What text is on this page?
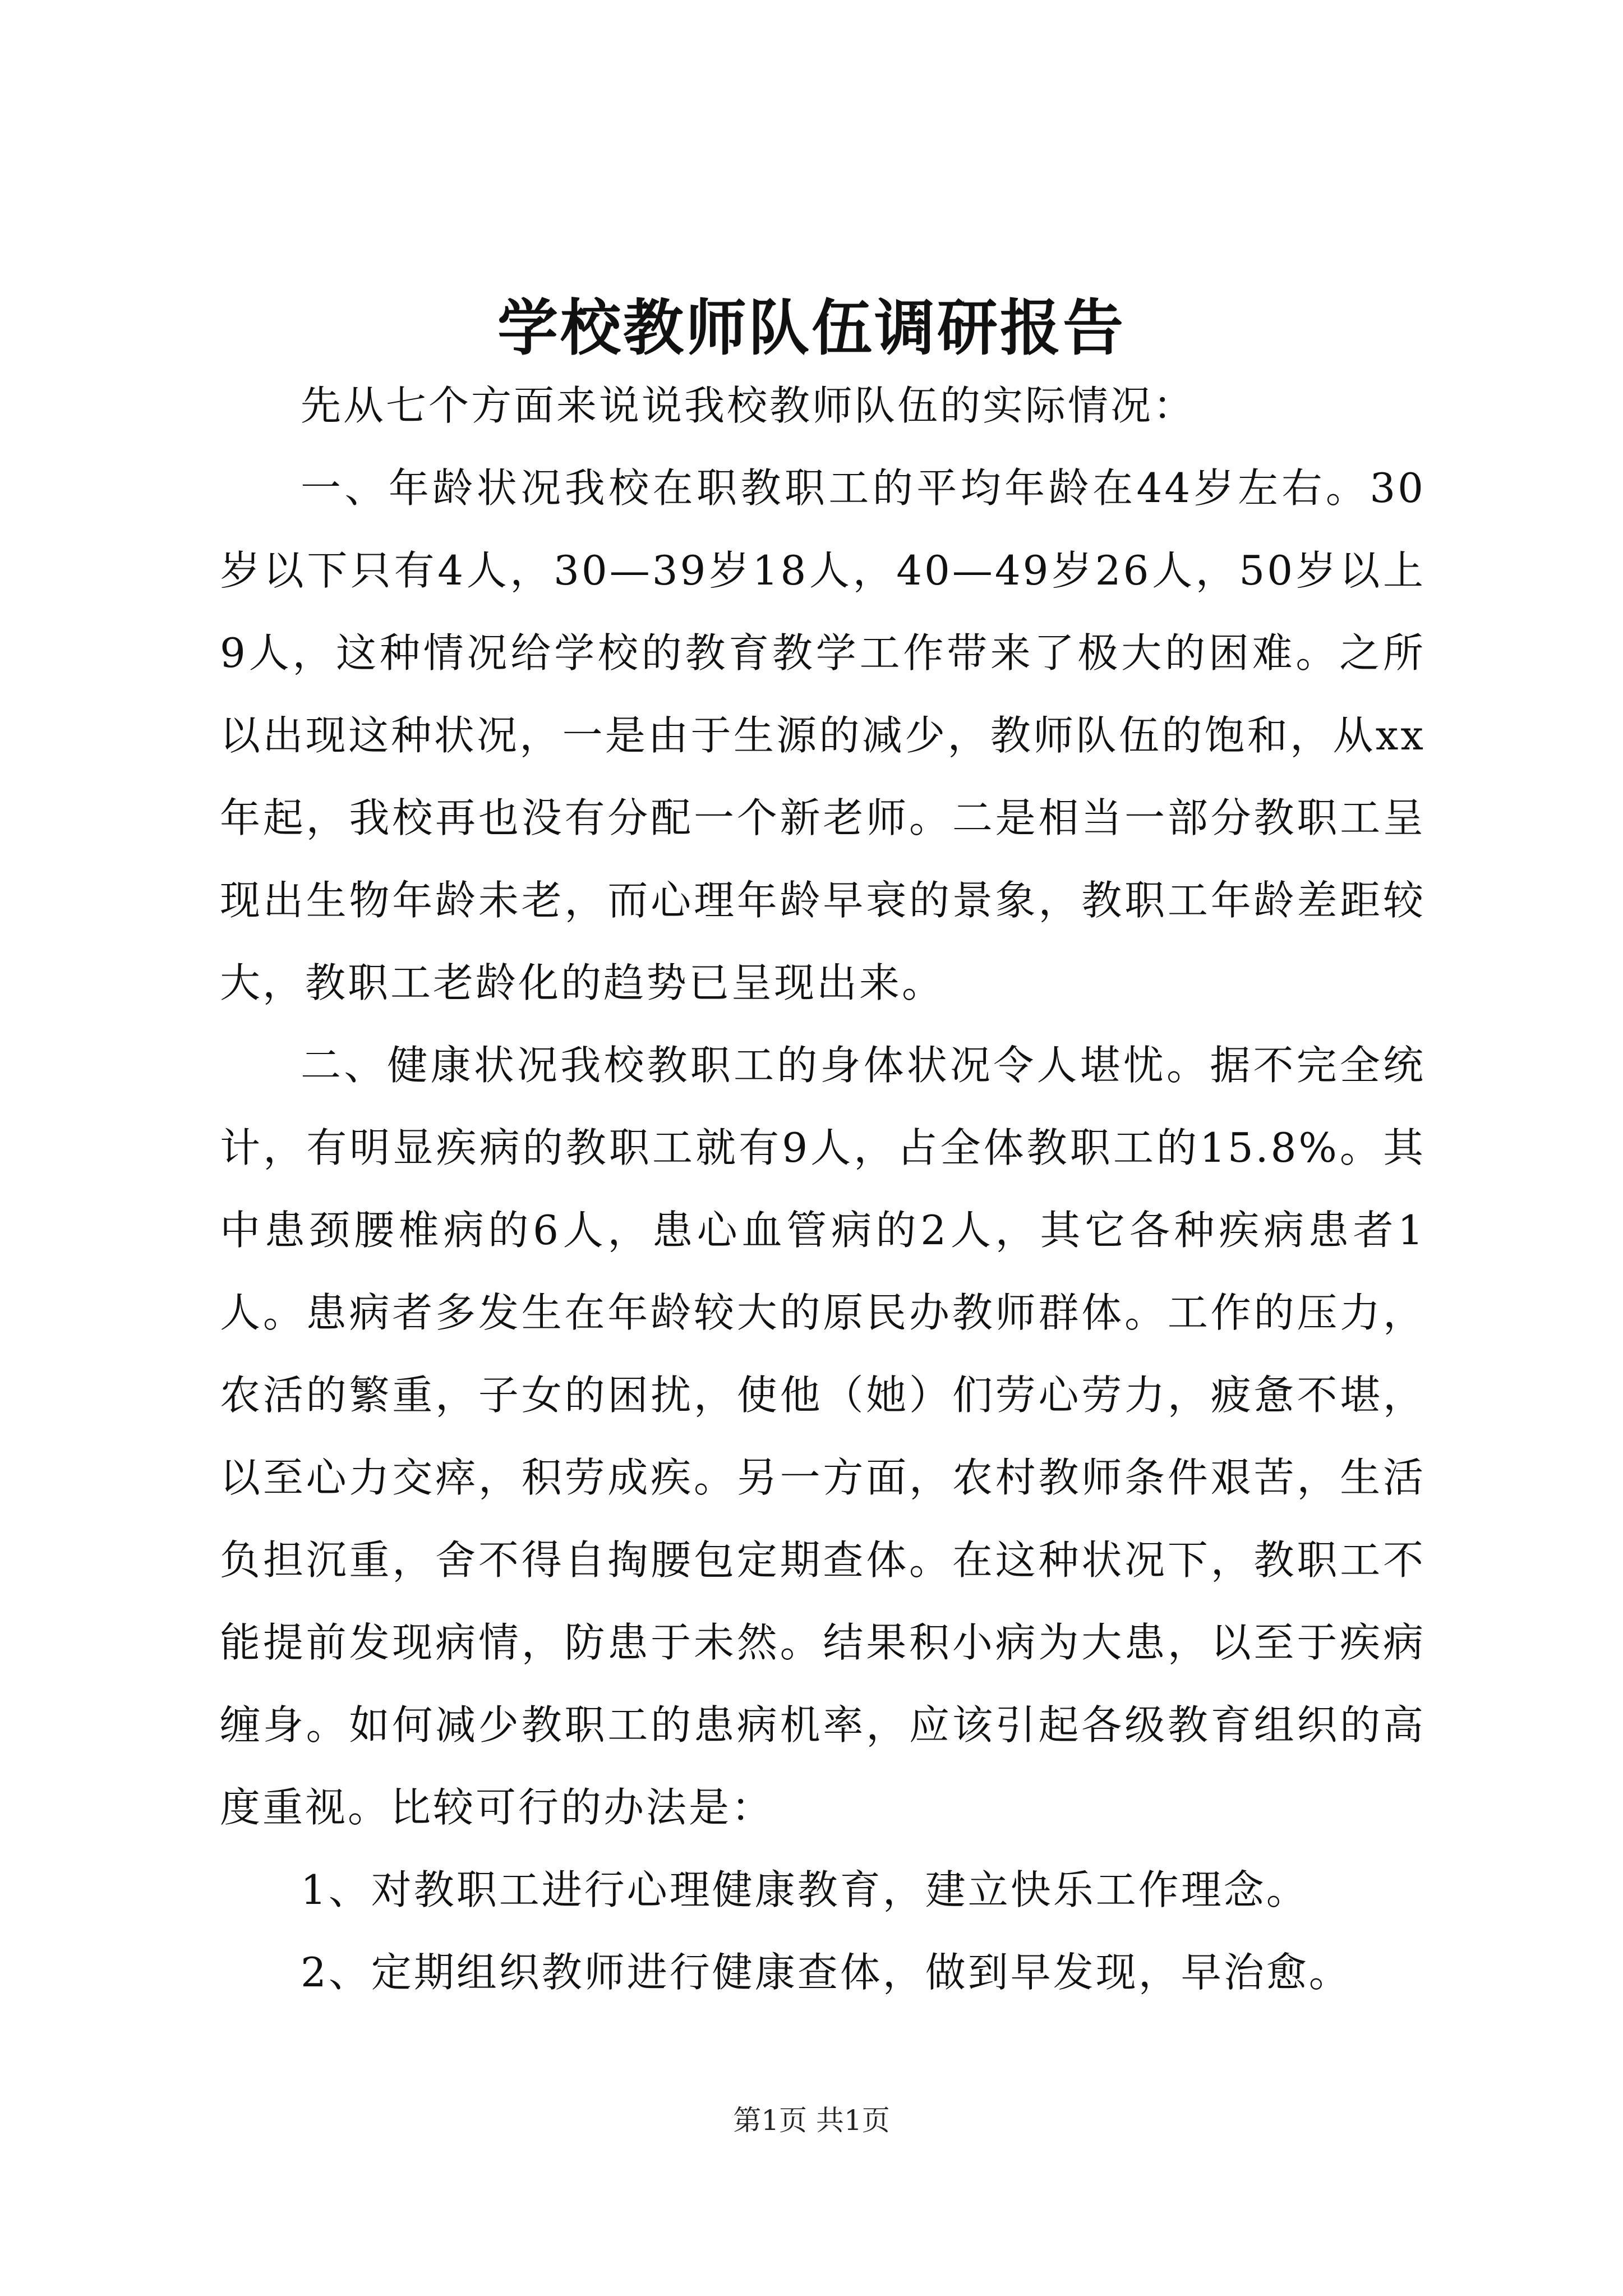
学校教师队伍调研报告

先从七个方面来说说我校教师队伍的实际情况：

一、年龄状况我校在职教职工的平均年龄在44岁左右。30岁以下只有4人，30—39岁18人，40—49岁26人，50岁以上9人，这种情况给学校的教育教学工作带来了极大的困难。之所以出现这种状况，一是由于生源的减少，教师队伍的饱和，从xx年起，我校再也没有分配一个新老师。二是相当一部分教职工呈现出生物年龄未老，而心理年龄早衰的景象，教职工年龄差距较大，教职工老龄化的趋势已呈现出来。

二、健康状况我校教职工的身体状况令人堪忧。据不完全统计，有明显疾病的教职工就有9人，占全体教职工的15.8%。其中患颈腰椎病的6人，患心血管病的2人，其它各种疾病患者1人。患病者多发生在年龄较大的原民办教师群体。工作的压力，农活的繁重，子女的困扰，使他（她）们劳心劳力，疲惫不堪，以至心力交瘁，积劳成疾。另一方面，农村教师条件艰苦，生活负担沉重，舍不得自掏腰包定期查体。在这种状况下，教职工不能提前发现病情，防患于未然。结果积小病为大患，以至于疾病缠身。如何减少教职工的患病机率，应该引起各级教育组织的高度重视。比较可行的办法是：

1、对教职工进行心理健康教育，建立快乐工作理念。

2、定期组织教师进行健康查体，做到早发现，早治愈。

第1页 共1页
